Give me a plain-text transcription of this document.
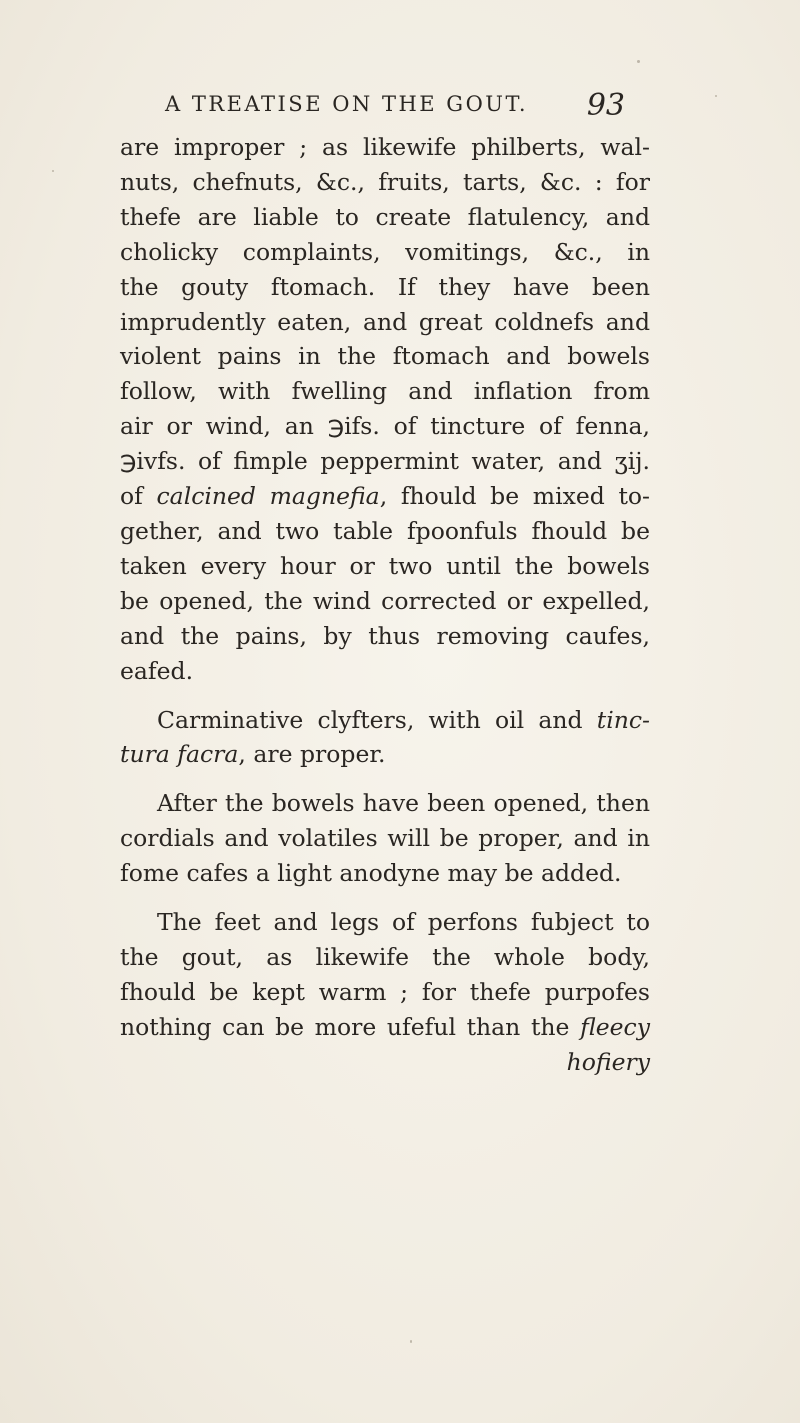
A TREATISE ON THE GOUT. 93
are improper ; as likewife philberts, wal-
nuts, chefnuts, &c., fruits, tarts, &c. : for
thefe are liable to create flatulency, and
cholicky complaints, vomitings, &c., in
the gouty ftomach. If they have been
imprudently eaten, and great coldnefs and
violent pains in the ftomach and bowels
follow, with fwelling and inflation from
air or wind, an ℈ifs. of tincture of fenna,
℈ivfs. of fimple peppermint water, and ʒij.
of calcined magnefia, fhould be mixed to-
gether, and two table fpoonfuls fhould be
taken every hour or two until the bowels
be opened, the wind corrected or expelled,
and the pains, by thus removing caufes,
eafed.
Carminative clyfters, with oil and tinc-
tura facra, are proper.
After the bowels have been opened, then
cordials and volatiles will be proper, and in
fome cafes a light anodyne may be added.
The feet and legs of perfons fubject to
the gout, as likewife the whole body,
fhould be kept warm ; for thefe purpofes
nothing can be more ufeful than the fleecy
hofiery
